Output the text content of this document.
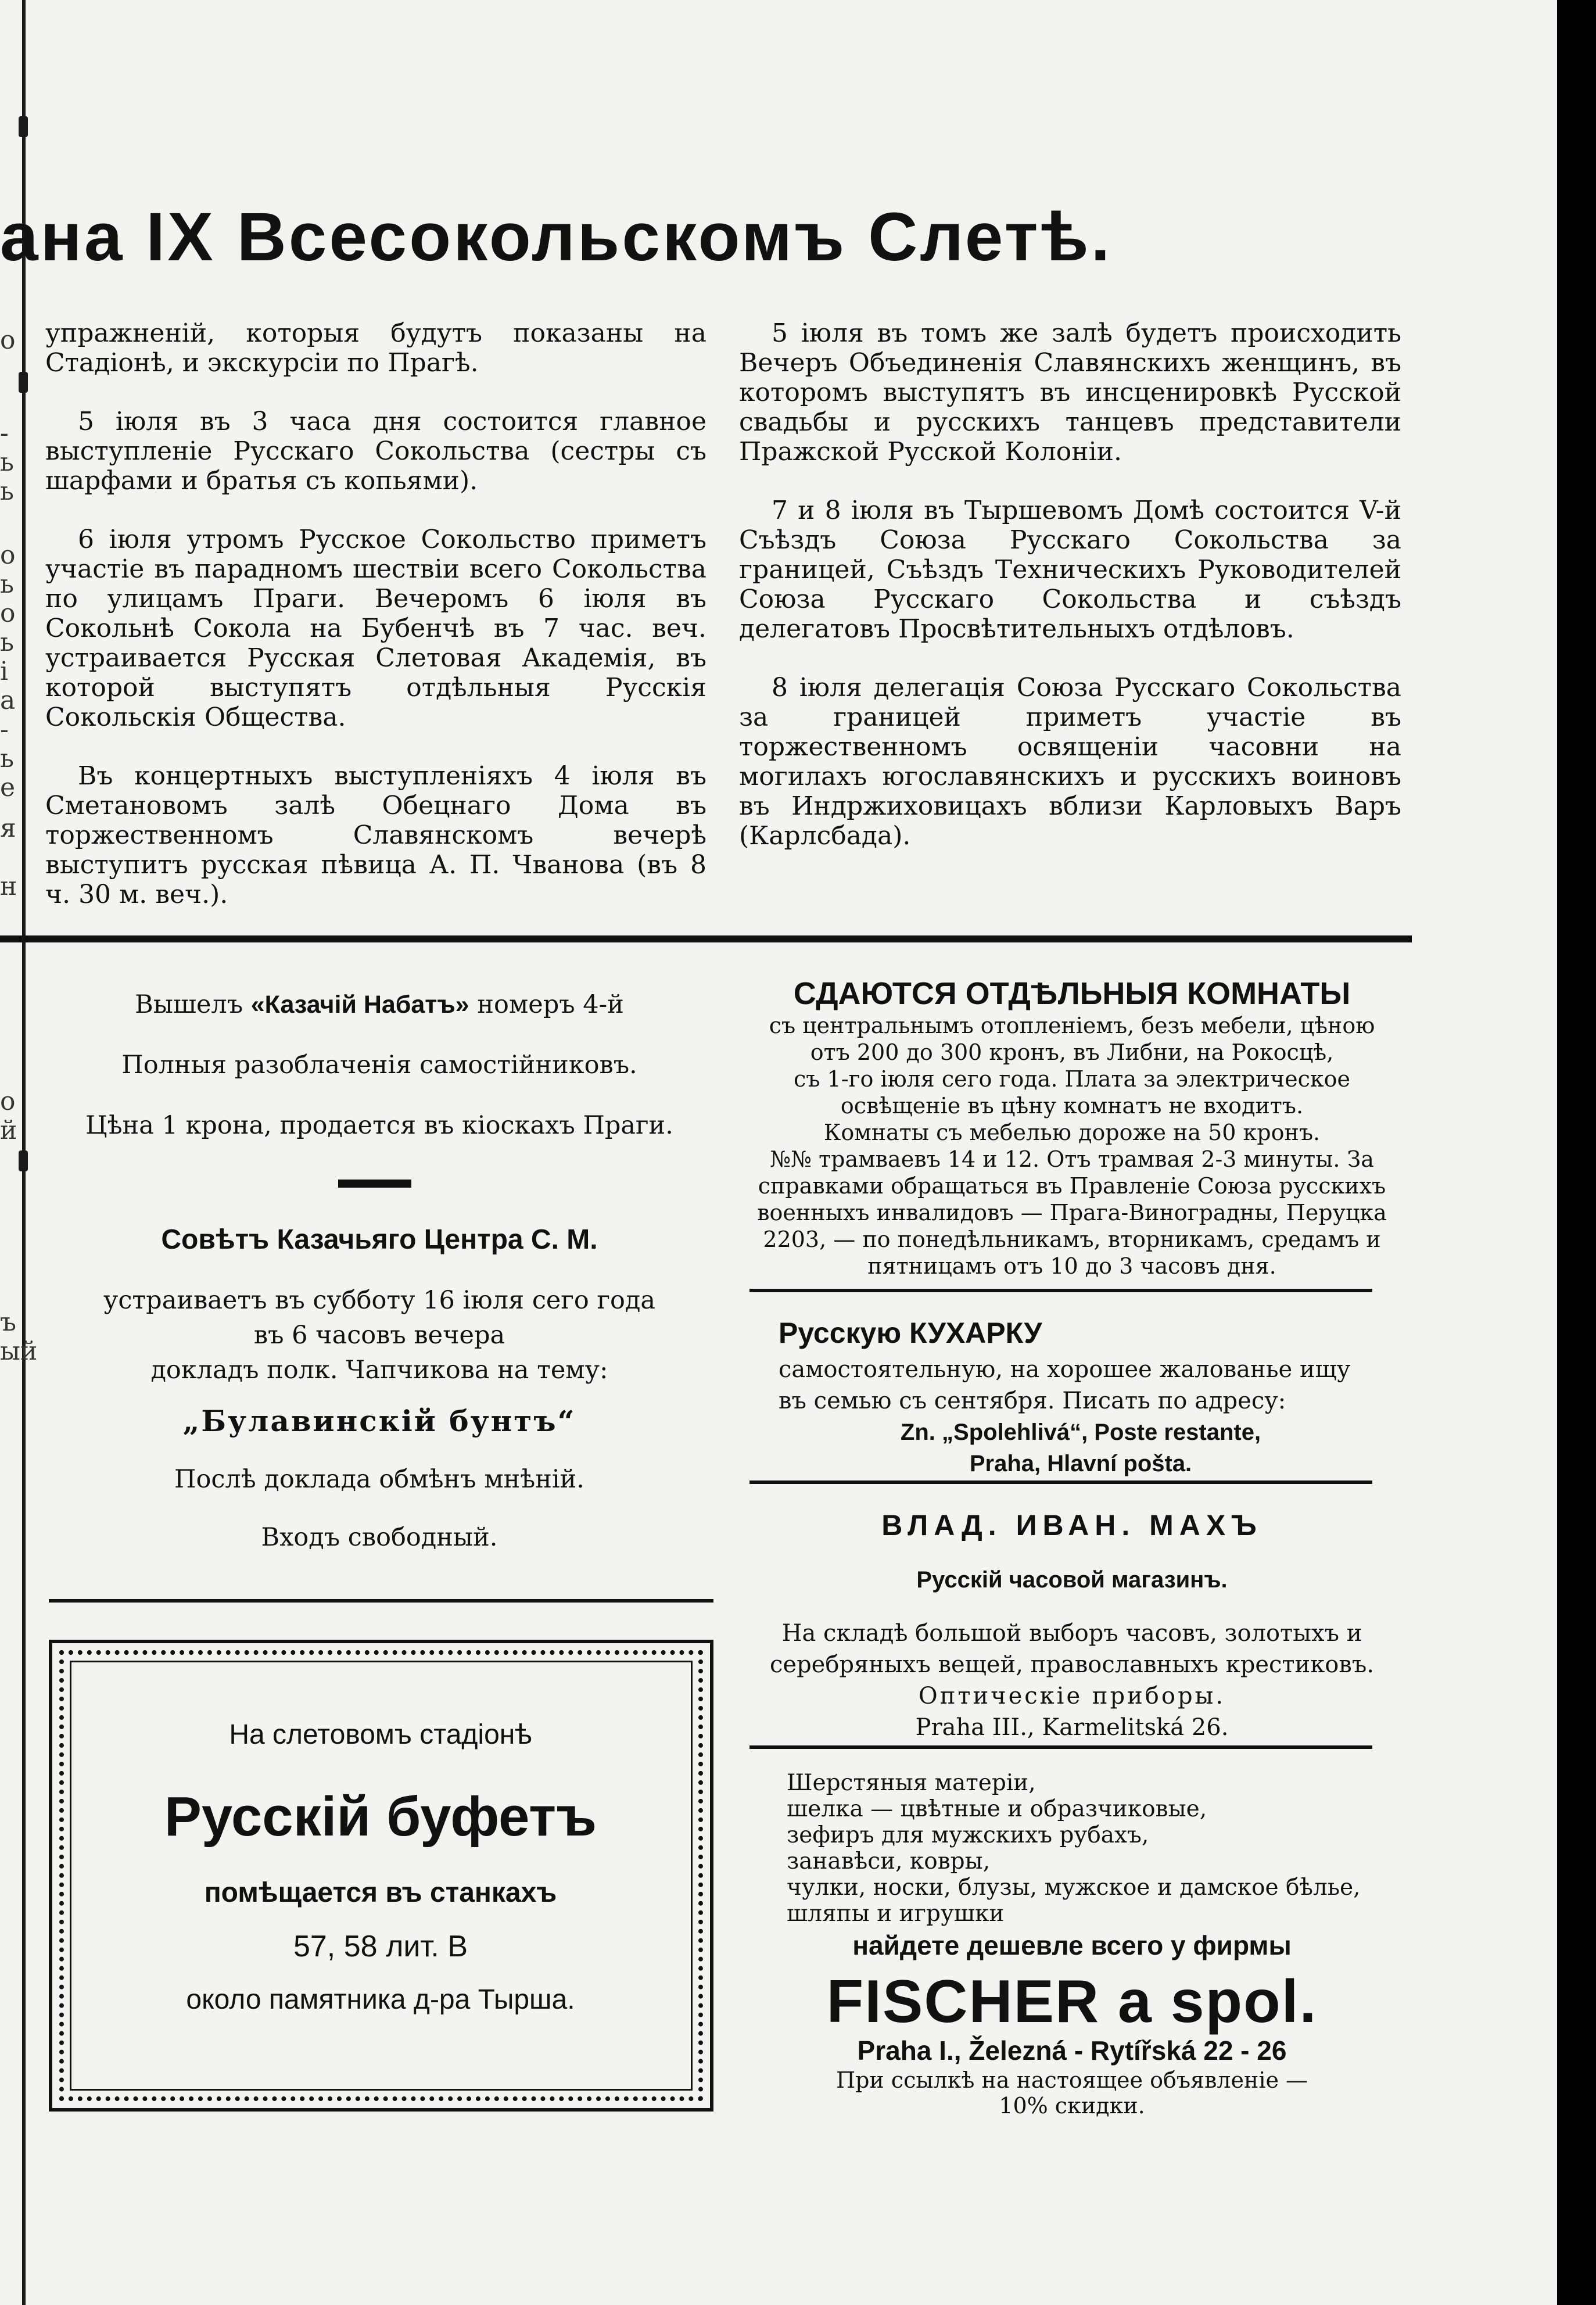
о
-
ь
ь
о
ь
о
ь
і
а
-
ь
е
я
н
о
й
ъ
ый
ана IX Всесокольскомъ Слетѣ.

упражненій, которыя будутъ показаны на Стадіонѣ, и экскурсіи по Прагѣ.

5 іюля въ 3 часа дня состоится главное выступленіе Русскаго Сокольства (сестры съ шарфами и братья съ копьями).

6 іюля утромъ Русское Сокольство приметъ участіе въ парадномъ шествіи всего Сокольства по улицамъ Праги. Вечеромъ 6 іюля въ Сокольнѣ Сокола на Бубенчѣ въ 7 час. веч. устраивается Русская Слетовая Академія, въ которой выступятъ отдѣльныя Русскія Сокольскія Общества.

Въ концертныхъ выступленіяхъ 4 іюля въ Сметановомъ залѣ Обецнаго Дома въ торжественномъ Славянскомъ вечерѣ выступитъ русская пѣвица А. П. Чванова (въ 8 ч. 30 м. веч.).

5 іюля въ томъ же залѣ будетъ происходить Вечеръ Объединенія Славянскихъ женщинъ, въ которомъ выступятъ въ инсценировкѣ Русской свадьбы и русскихъ танцевъ представители Пражской Русской Колоніи.

7 и 8 іюля въ Тыршевомъ Домѣ состоится V-й Съѣздъ Союза Русскаго Сокольства за границей, Съѣздъ Техническихъ Руководителей Союза Русскаго Сокольства и съѣздъ делегатовъ Просвѣтительныхъ отдѣловъ.

8 іюля делегація Союза Русскаго Сокольства за границей приметъ участіе въ торжественномъ освященіи часовни на могилахъ югославянскихъ и русскихъ воиновъ въ Индржиховицахъ вблизи Карловыхъ Варъ (Карлсбада).

Вышелъ «Казачій Набатъ» номеръ 4-й

Полныя разоблаченія самостійниковъ.

Цѣна 1 крона, продается въ кіоскахъ Праги.

Совѣтъ Казачьяго Центра С. М.

устраиваетъ въ субботу 16 іюля сего года

въ 6 часовъ вечера

докладъ полк. Чапчикова на тему:

„Булавинскій бунтъ“

Послѣ доклада обмѣнъ мнѣній.

Входъ свободный.

На слетовомъ стадіонѣ

Русскій буфетъ

помѣщается въ станкахъ

57, 58 лит. В

около памятника д-ра Тырша.

СДАЮТСЯ ОТДѢЛЬНЫЯ КОМНАТЫ

съ центральнымъ отопленіемъ, безъ мебели, цѣною отъ 200 до 300 кронъ, въ Либни, на Рокосцѣ,

съ 1-го іюля сего года. Плата за электрическое освѣщеніе въ цѣну комнатъ не входитъ.

Комнаты съ мебелью дороже на 50 кронъ.

№№ трамваевъ 14 и 12. Отъ трамвая 2-3 минуты. За справками обращаться въ Правленіе Союза русскихъ военныхъ инвалидовъ — Прага-Виноградны, Перуцка 2203, — по понедѣльникамъ, вторникамъ, средамъ и пятницамъ отъ 10 до 3 часовъ дня.

Русскую КУХАРКУ

самостоятельную, на хорошее жалованье ищу

въ семью съ сентября. Писать по адресу:

Zn. „Spolehlivá“, Poste restante,

Praha, Hlavní pošta.

ВЛАД. ИВАН. МАХЪ

Русскій часовой магазинъ.

На складѣ большой выборъ часовъ, золотыхъ и серебряныхъ вещей, православныхъ крестиковъ.

Оптическіе приборы.

Praha III., Karmelitská 26.

Шерстяныя матеріи,

шелка — цвѣтные и образчиковые,

зефиръ для мужскихъ рубахъ,

занавѣси, ковры,

чулки, носки, блузы, мужское и дамское бѣлье,

шляпы и игрушки

найдете дешевле всего у фирмы

FISCHER a spol.

Praha I., Železná - Rytířská 22 - 26

При ссылкѣ на настоящее объявленіе —

10% скидки.
